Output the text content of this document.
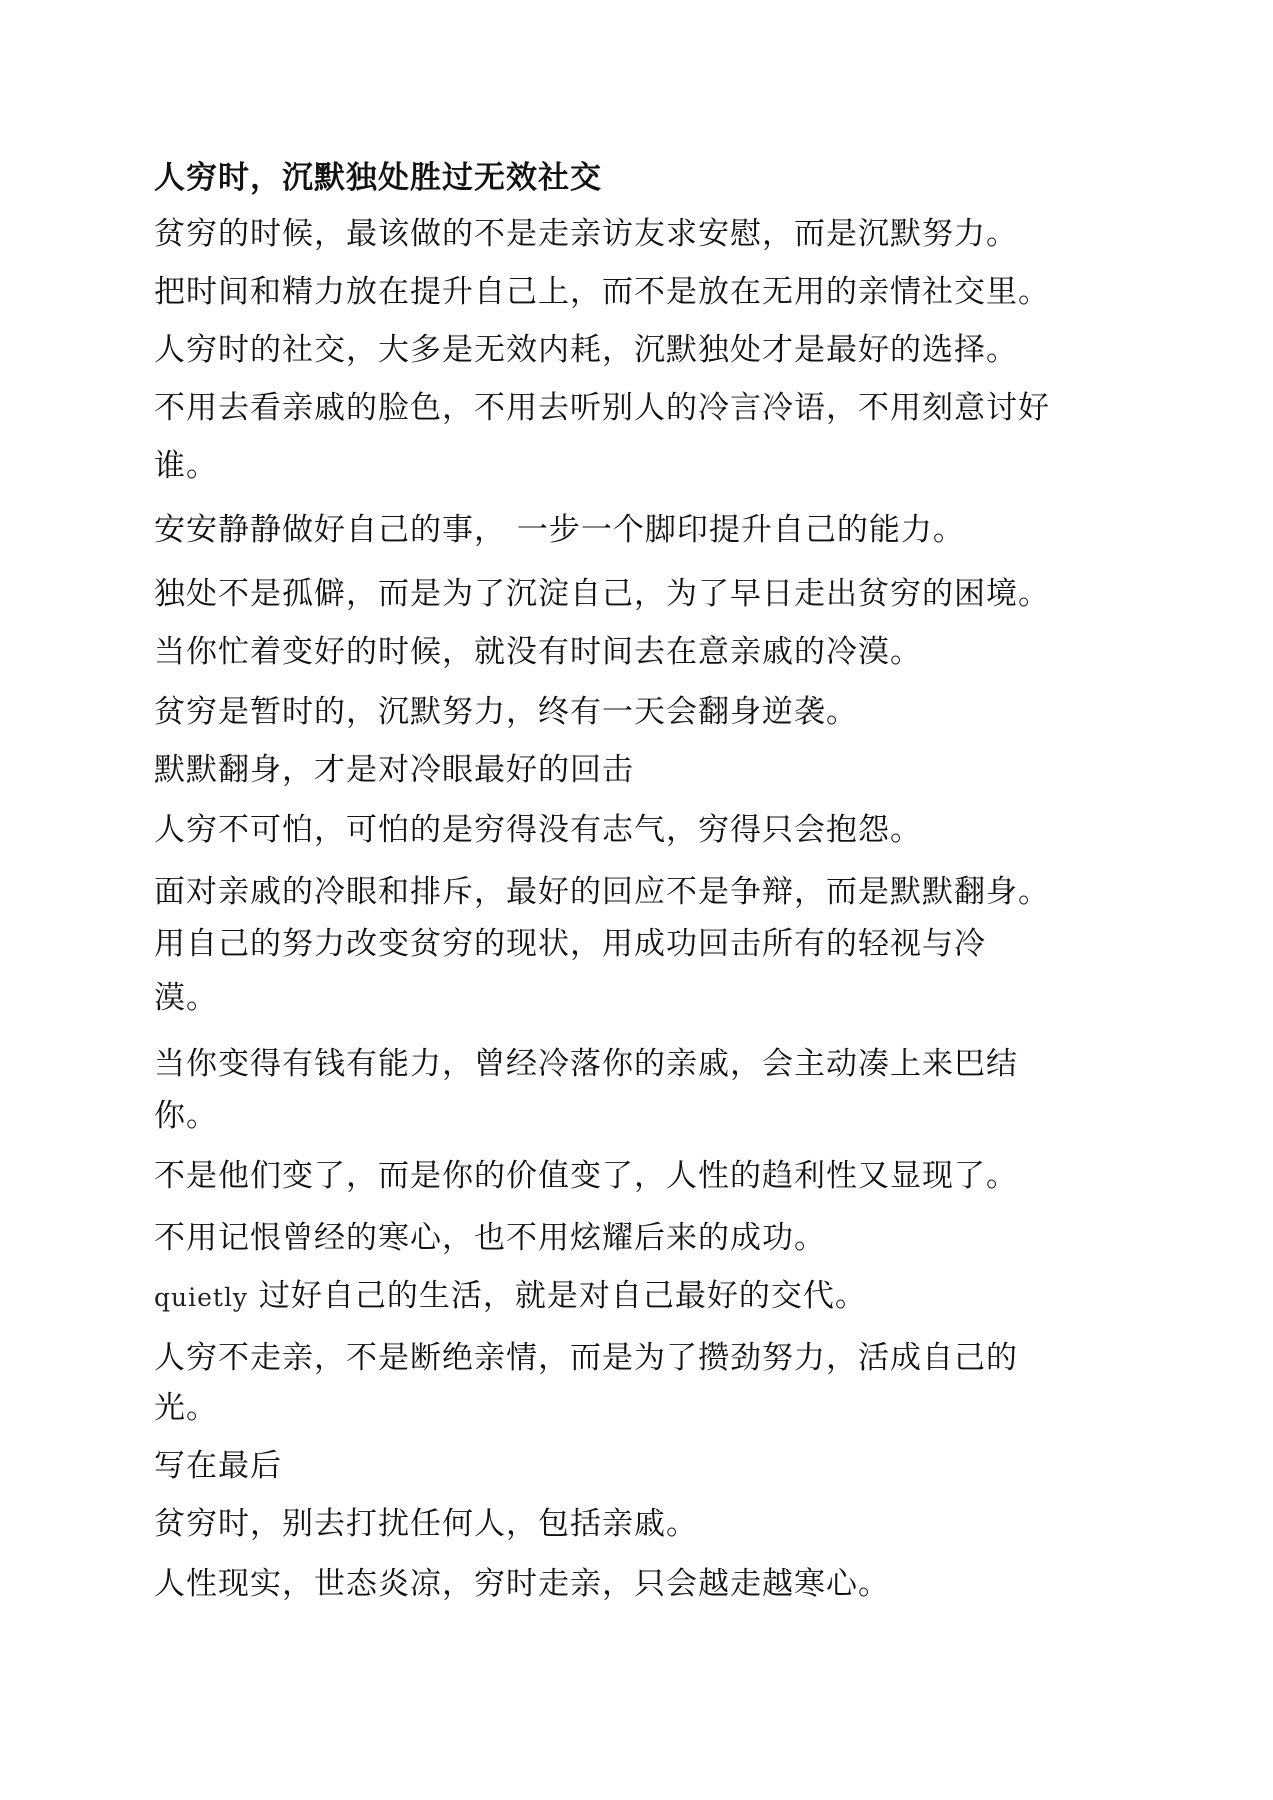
人穷时，沉默独处胜过无效社交
贫穷的时候，最该做的不是走亲访友求安慰，而是沉默努力。
把时间和精力放在提升自己上，而不是放在无用的亲情社交里。
人穷时的社交，大多是无效内耗，沉默独处才是最好的选择。
不用去看亲戚的脸色，不用去听别人的冷言冷语，不用刻意讨好
谁。
安安静静做好自己的事， 一步一个脚印提升自己的能力。
独处不是孤僻，而是为了沉淀自己，为了早日走出贫穷的困境。
当你忙着变好的时候，就没有时间去在意亲戚的冷漠。
贫穷是暂时的，沉默努力，终有一天会翻身逆袭。
默默翻身，才是对冷眼最好的回击
人穷不可怕，可怕的是穷得没有志气，穷得只会抱怨。
面对亲戚的冷眼和排斥，最好的回应不是争辩，而是默默翻身。
用自己的努力改变贫穷的现状，用成功回击所有的轻视与冷
漠。
当你变得有钱有能力，曾经冷落你的亲戚，会主动凑上来巴结
你。
不是他们变了，而是你的价值变了，人性的趋利性又显现了。
不用记恨曾经的寒心，也不用炫耀后来的成功。
quietly 过好自己的生活，就是对自己最好的交代。
人穷不走亲，不是断绝亲情，而是为了攒劲努力，活成自己的
光。
写在最后
贫穷时，别去打扰任何人，包括亲戚。
人性现实，世态炎凉，穷时走亲，只会越走越寒心。
